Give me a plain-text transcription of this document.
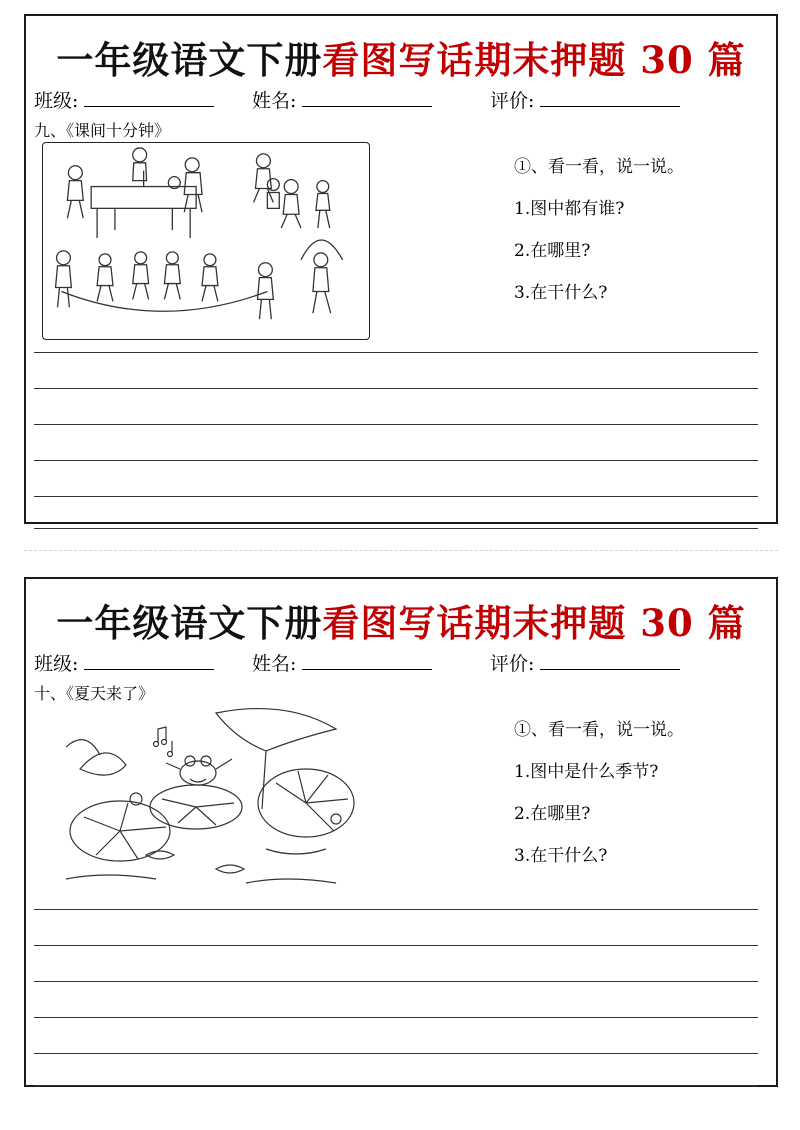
一年级语文下册看图写话期末押题 30 篇
班级:	姓名:	评价:
九、《课间十分钟》
①、看一看，说一说。
1.图中都有谁?
2.在哪里?
3.在干什么?
一年级语文下册看图写话期末押题 30 篇
班级:	姓名:	评价:
十、《夏天来了》
①、看一看，说一说。
1.图中是什么季节?
2.在哪里?
3.在干什么?
